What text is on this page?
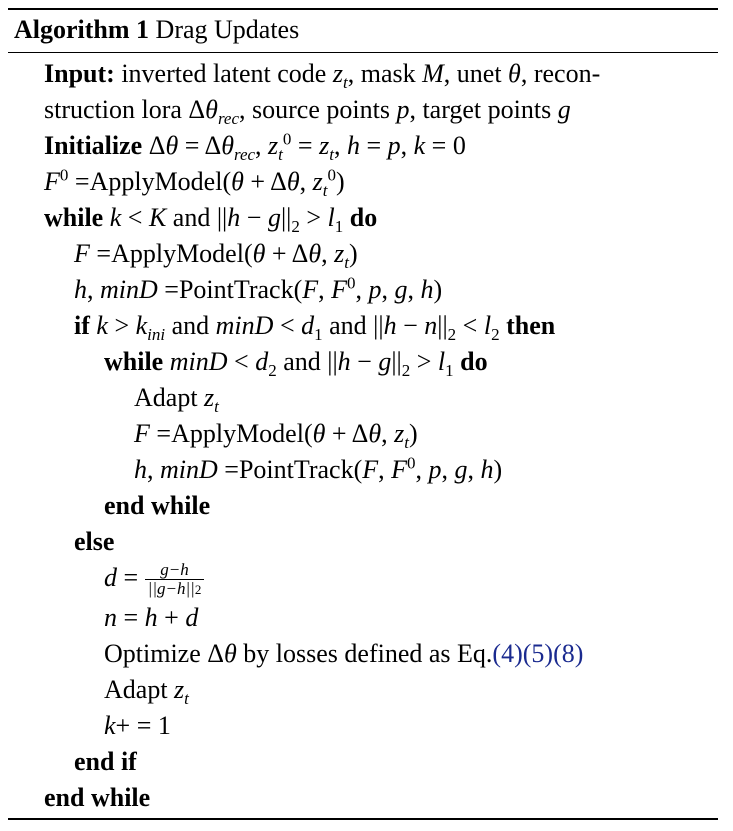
Algorithm 1 Drag Updates
Input: inverted latent code $z_t$, mask M, unet θ, recon-
struction lora $\Delta\theta_{rec}$, source points p, target points g
Initialize $\Delta\theta = \Delta\theta_{rec}$, $z_t^0 = z_t$, h = p, k = 0
$F^0$ =ApplyModel(θ + Δθ, $z_t^0$)
while k < K and $||h - g||_2 > l_1$ do
F =ApplyModel(θ + Δθ, $z_t$)
h, minD =PointTrack(F, $F^0$, p, g, h)
if $k > k_{ini}$ and $\min D < d_1$ and $||h - n||_2 < l_2$ then
while $\min D < d_2$ and $||h - g||_2 > l_1$ do
Adapt $z_t$
F =ApplyModel(θ + Δθ, $z_t$)
h, minD =PointTrack(F, $F^0$, p, g, h)
end while
else
$d = \frac{g-h}{||g-h||2}$
n = h + d
Optimize Δθ by losses defined as Eq.(4)(5)(8)
Adapt $z_t$
k+ = 1
end if
end while
